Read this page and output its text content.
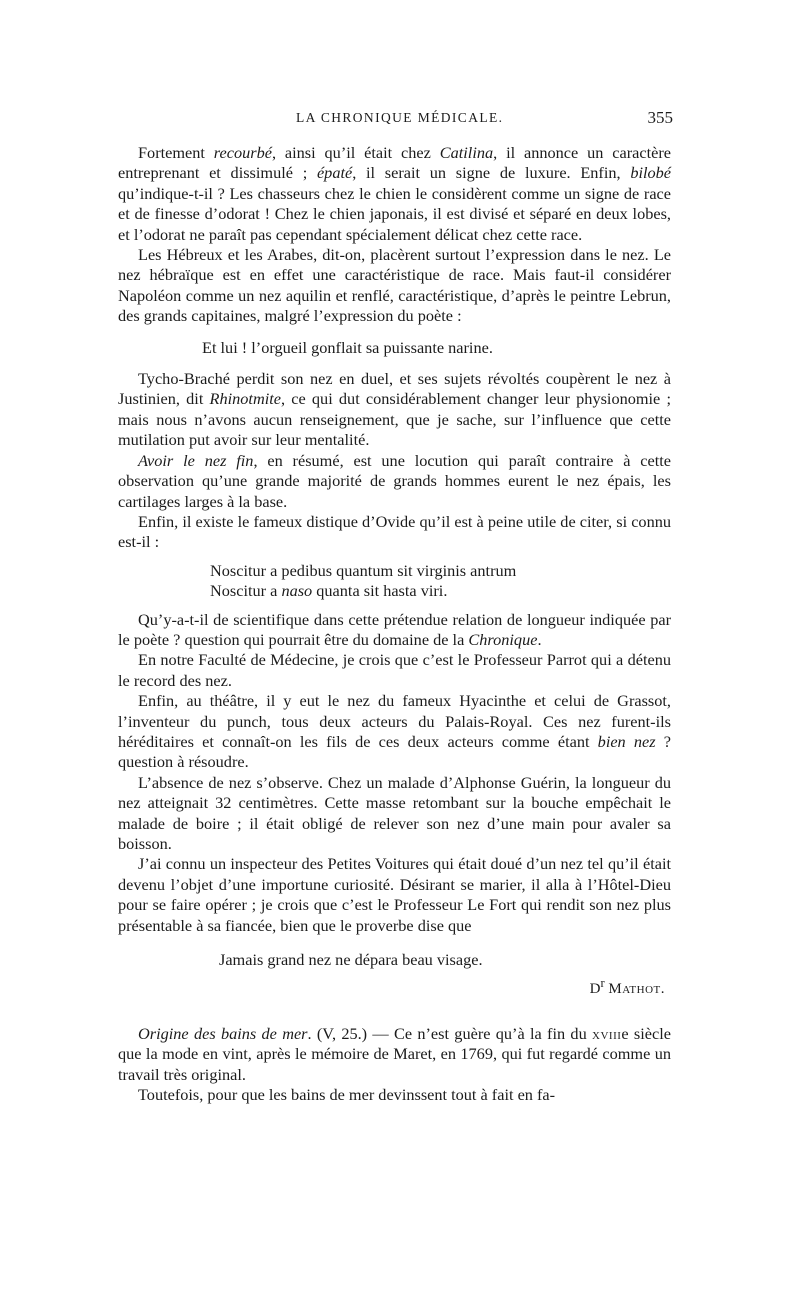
LA CHRONIQUE MÉDICALE.	355

Fortement recourbé, ainsi qu’il était chez Catilina, il annonce un caractère entreprenant et dissimulé ; épaté, il serait un signe de luxure. Enfin, bilobé qu’indique-t-il ? Les chasseurs chez le chien le considèrent comme un signe de race et de finesse d’odorat ! Chez le chien japonais, il est divisé et séparé en deux lobes, et l’odorat ne paraît pas cependant spécialement délicat chez cette race.

Les Hébreux et les Arabes, dit-on, placèrent surtout l’expression dans le nez. Le nez hébraïque est en effet une caractéristique de race. Mais faut-il considérer Napoléon comme un nez aquilin et renflé, caractéristique, d’après le peintre Lebrun, des grands capitaines, malgré l’expression du poète :

Et lui ! l’orgueil gonflait sa puissante narine.

Tycho-Braché perdit son nez en duel, et ses sujets révoltés coupèrent le nez à Justinien, dit Rhinotmite, ce qui dut considérablement changer leur physionomie ; mais nous n’avons aucun renseignement, que je sache, sur l’influence que cette mutilation put avoir sur leur mentalité.

Avoir le nez fin, en résumé, est une locution qui paraît contraire à cette observation qu’une grande majorité de grands hommes eurent le nez épais, les cartilages larges à la base.

Enfin, il existe le fameux distique d’Ovide qu’il est à peine utile de citer, si connu est-il :

Noscitur a pedibus quantum sit virginis antrum
Noscitur a naso quanta sit hasta viri.

Qu’y-a-t-il de scientifique dans cette prétendue relation de longueur indiquée par le poète ? question qui pourrait être du domaine de la Chronique.

En notre Faculté de Médecine, je crois que c’est le Professeur Parrot qui a détenu le record des nez.

Enfin, au théâtre, il y eut le nez du fameux Hyacinthe et celui de Grassot, l’inventeur du punch, tous deux acteurs du Palais-Royal. Ces nez furent-ils héréditaires et connaît-on les fils de ces deux acteurs comme étant bien nez ? question à résoudre.

L’absence de nez s’observe. Chez un malade d’Alphonse Guérin, la longueur du nez atteignait 32 centimètres. Cette masse retombant sur la bouche empêchait le malade de boire ; il était obligé de relever son nez d’une main pour avaler sa boisson.

J’ai connu un inspecteur des Petites Voitures qui était doué d’un nez tel qu’il était devenu l’objet d’une importune curiosité. Désirant se marier, il alla à l’Hôtel-Dieu pour se faire opérer ; je crois que c’est le Professeur Le Fort qui rendit son nez plus présentable à sa fiancée, bien que le proverbe dise que

Jamais grand nez ne dépara beau visage.

$D^r$ Mathot.

Origine des bains de mer. (V, 25.) — Ce n’est guère qu’à la fin du xviiie siècle que la mode en vint, après le mémoire de Maret, en 1769, qui fut regardé comme un travail très original.

Toutefois, pour que les bains de mer devinssent tout à fait en fa-
